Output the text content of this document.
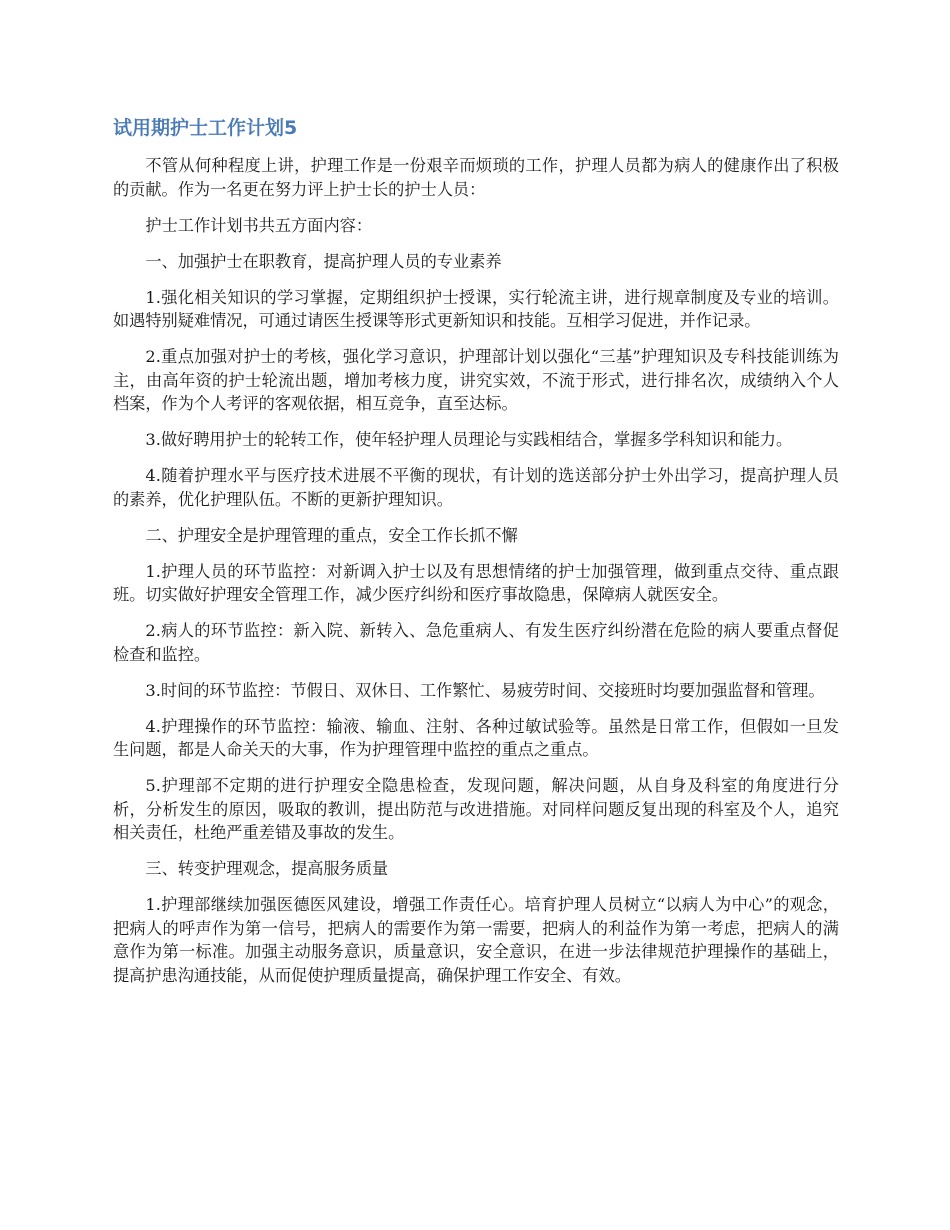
试用期护士工作计划5

不管从何种程度上讲，护理工作是一份艰辛而烦琐的工作，护理人员都为病人的健康作出了积极的贡献。作为一名更在努力评上护士长的护士人员：

护士工作计划书共五方面内容：

一、加强护士在职教育，提高护理人员的专业素养

1.强化相关知识的学习掌握，定期组织护士授课，实行轮流主讲，进行规章制度及专业的培训。如遇特别疑难情况，可通过请医生授课等形式更新知识和技能。互相学习促进，并作记录。

2.重点加强对护士的考核，强化学习意识，护理部计划以强化“三基”护理知识及专科技能训练为主，由高年资的护士轮流出题，增加考核力度，讲究实效，不流于形式，进行排名次，成绩纳入个人档案，作为个人考评的客观依据，相互竞争，直至达标。

3.做好聘用护士的轮转工作，使年轻护理人员理论与实践相结合，掌握多学科知识和能力。

4.随着护理水平与医疗技术进展不平衡的现状，有计划的选送部分护士外出学习，提高护理人员的素养，优化护理队伍。不断的更新护理知识。

二、护理安全是护理管理的重点，安全工作长抓不懈

1.护理人员的环节监控：对新调入护士以及有思想情绪的护士加强管理，做到重点交待、重点跟班。切实做好护理安全管理工作，减少医疗纠纷和医疗事故隐患，保障病人就医安全。

2.病人的环节监控：新入院、新转入、急危重病人、有发生医疗纠纷潜在危险的病人要重点督促检查和监控。

3.时间的环节监控：节假日、双休日、工作繁忙、易疲劳时间、交接班时均要加强监督和管理。

4.护理操作的环节监控：输液、输血、注射、各种过敏试验等。虽然是日常工作，但假如一旦发生问题，都是人命关天的大事，作为护理管理中监控的重点之重点。

5.护理部不定期的进行护理安全隐患检查，发现问题，解决问题，从自身及科室的角度进行分析，分析发生的原因，吸取的教训，提出防范与改进措施。对同样问题反复出现的科室及个人，追究相关责任，杜绝严重差错及事故的发生。

三、转变护理观念，提高服务质量

1.护理部继续加强医德医风建设，增强工作责任心。培育护理人员树立“以病人为中心”的观念，把病人的呼声作为第一信号，把病人的需要作为第一需要，把病人的利益作为第一考虑，把病人的满意作为第一标准。加强主动服务意识，质量意识，安全意识，在进一步法律规范护理操作的基础上，提高护患沟通技能，从而促使护理质量提高，确保护理工作安全、有效。
